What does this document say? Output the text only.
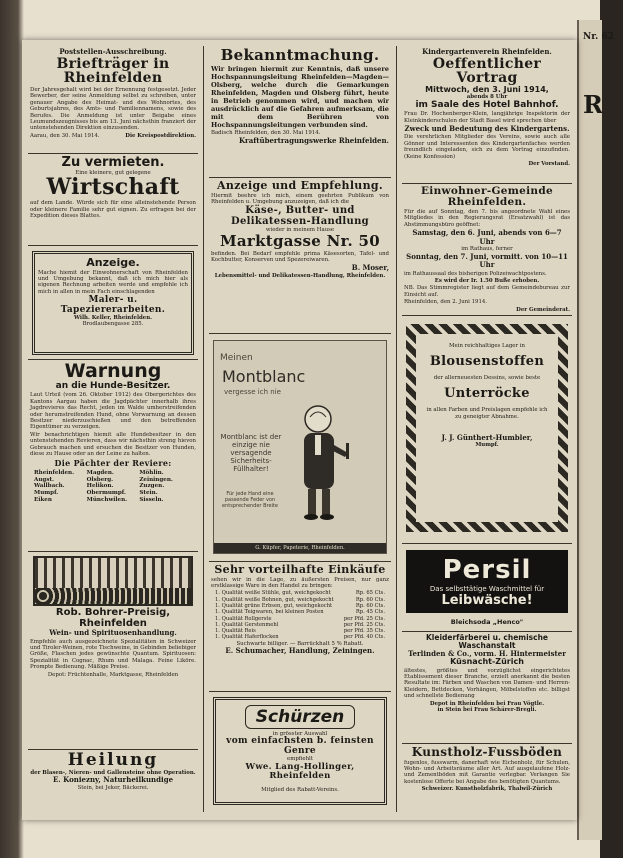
Nr. 62
R
Poststellen-Ausschreibung.
Briefträger in Rheinfelden

Der Jahresgehalt wird bei der Ernennung festgesetzt. Jeder Bewerber, der seine Anmeldung selbst zu schreiben, unter genauer Angabe des Heimat- und des Wohnortes, des Geburtsjahres, des Amts- und Familiennamens, sowie des Berufes. Die Anmeldung ist unter Beigabe eines Leumundszeugnisses bis am 13. Juni nächsthin franziert der untenstehenden Direktion einzusenden.

Aarau, den 30. Mai 1914.	Die Kreispostdirektion.

Zu vermieten.
Eine kleinere, gut gelegene
Wirtschaft

auf dem Lande. Würde sich für eine alleinstehende Person oder kleinere Familie sehr gut eignen. Zu erfragen bei der Expedition dieses Blattes.

Anzeige.

Mache hiemit der Einwohnerschaft von Rheinfelden und Umgebung bekannt, daß ich mich hier als eigenen Rechnung arbeiten werde und empfehle ich mich in allen in mein Fach einschlagenden

Maler- u. Tapeziererarbeiten.
Wilh. Keller, Rheinfelden.
Brodlaubengasse 285.
Warnung
an die Hunde-Besitzer.

Laut Urteil (vom 26. Oktober 1912) des Obergerichtes des Kantons Aargau haben die Jagdpächter innerhalb ihres Jagdrevieres das Recht, jeden im Walde umherstreifenden oder herumstreifenden Hund, ohne Vorwarnung an dessen Besitzer niederzuschießen und den betreffenden Eigentümer zu verzeigen.

Wir benachrichtigen hiemit alle Hundebesitzer in den untenstehenden Revieren, dass wir nächsthin streng hievon Gebrauch machen und ersuchen die Besitzer von Hunden, diese zu Hause oder an der Leine zu halten.

Die Pächter der Reviere:
Rheinfelden.	Magden.	Möhlin.
Augst.	Olsberg.	Zeiningen.
Wallbach.	Helikon.	Zuzgen.
Mumpf.	Obermumpf.	Stein.
Eiken	Münchwilen.	Sisseln.
Rob. Bohrer-Preisig, Rheinfelden
Wein- und Spirituosenhandlung.

Empfehle auch ausgezeichnete Spezialitäten in Schweizer und Tiroler-Weinen, rote Tischweine, in Gebinden beliebiger Größe, Flaschen jedes gewünschte Quantum. Spirituosen: Spezialität in Cognac, Rhum und Malaga. Feine Liköre. Prompte Bedienung. Mäßige Preise.

Depot: Früchtenhalle, Marktgasse, Rheinfelden

Heilung
der Blasen-, Nieren- und Gallensteine ohne Operation.
E. Koniezny, Naturheilkundige
Stein, bei Jeker, Bäckerei.
Bekanntmachung.

Wir bringen hiermit zur Kenntnis, daß unsere Hochspannungsleitung Rheinfelden—Magden—Olsberg, welche durch die Gemarkungen Rheinfelden, Magden und Olsberg führt, heute in Betrieb genommen wird, und machen wir ausdrücklich auf die Gefahren aufmerksam, die mit dem Berühren von Hochspannungsleitungen verbunden sind.

Badisch Rheinfelden, den 30. Mai 1914.

Kraftübertragungswerke Rheinfelden.
Anzeige und Empfehlung.

Hiermit beehre ich mich, einem geehrten Publikum von Rheinfelden u. Umgebung anzuzeigen, daß ich die

Käse-, Butter- und Delikatessen-Handlung
wieder in meinem Hause
Marktgasse Nr. 50

befinden. Bei Bedarf empfehle prima Käsesorten, Tafel- und Kochbutter, Konserven und Spezereiwaren.

B. Moser,
Lebensmittel- und Delikatessen-Handlung, Rheinfelden.
Meinen
Montblanc
vergesse ich nie
Montblanc ist der einzige nie versagende Sicherheits-Füllhalter!
Für jede Hand eine passende Feder von entsprechender Breite
G. Küpfer, Papeterie, Rheinfelden.
Sehr vorteilhafte Einkäufe

sehen wir in die Lage, zu äußersten Preisen, nur ganz erstklassige Ware in den Handel zu bringen:

1. Qualität weiße Stühle, gut, weichgekocht	Rp. 65 Cts.
1. Qualität weiße Bohnen, gut, weichgekocht	Rp. 60 Cts.
1. Qualität grüne Erbsen, gut, weichgekocht	Rp. 60 Cts.
1. Qualität Teigwaren, bei kleinen Posten	Rp. 45 Cts.
1. Qualität Rollgerste	per Pfd. 25 Cts.
1. Qualität Gerstenmehl	per Pfd. 25 Cts.
1. Qualität Reis	per Pfd. 35 Cts.
1. Qualität Haferflocken	per Pfd. 40 Cts.
Suchwarte billiger. — Barrückhalt 5 % Rabatt.
E. Schumacher, Handlung, Zeiningen.
Schürzen
in grösster Auswahl
vom einfachsten b. feinsten Genre
empfiehlt
Wwe. Lang-Hollinger, Rheinfelden
Mitglied des Rabatt-Vereins.
Kindergartenverein Rheinfelden.
Oeffentlicher Vortrag
Mittwoch, den 3. Juni 1914,
abends 8 Uhr
im Saale des Hotel Bahnhof.

Frau Dr. Hochenberger-Klein, langjährige Inspektorin der Kleinkinderschulen der Stadt Basel wird sprechen über

Zweck und Bedeutung des Kindergartens.

Die verehrlichen Mitglieder des Vereins, sowie auch alle Gönner und Interessenten des Kindergartenfaches werden freundlich eingeladen, sich zu dem Vortrag einzufinden. (Keine Konfession)

Der Vorstand.
Einwohner-Gemeinde Rheinfelden.

Für die auf Sonntag, den 7. bis angeordnete Wahl eines Mitgliedes in den Regierungsrat (Ersatzwahl) ist das Abstimmungsbüro geöffnet:

Samstag, den 6. Juni, abends von 6—7 Uhr
im Rathaus, ferner
Sonntag, den 7. Juni, vormitt. von 10—11 Uhr

im Rathaussaal des bisherigen Polizeiwachtpostens.

Es wird der Ir. 1.50 Buße erhoben.

NB. Das Stimmregister liegt auf dem Gemeindebureau zur Einsicht auf.

Rheinfelden, den 2. Juni 1914.

Der Gemeinderat.

Mein reichhaltiges Lager in

Blousenstoffen

der allerneuesten Dessins, sowie beste

Unterröcke

in allen Farben und Preislagen empfehle ich zu geneigter Abnahme.

J. J. Günthert-Humbler,
Mumpf.
Persil
Das selbsttätige Waschmittel für
Leibwäsche!
Bleichsoda „Henco"
Kleiderfärberei u. chemische Waschanstalt
Terlinden & Co., vorm. H. Hintermeister
Küsnacht-Zürich

ältestes, größtes und vorzüglichst eingerichtetes Etablissement dieser Branche, erzielt anerkannt die besten Resultate im: Färben und Waschen von Damen- und Herren-Kleidern, Bettdecken, Vorhängen, Möbelstoffen etc. billigst und schnellste Bedienung

Depot in Rheinfelden bei Frau Vögtle.
in Stein bei Frau Schärer-Bregli.
Kunstholz-Fussböden

fugenlos, fusswarm, danerhaft wie Eichenholz, für Schulen, Wohn- und Arbeitsräume aller Art. Auf ausgelaufene Holz- und Zementböden mit Garantie verlegbar. Verlangen Sie kostenlose Offerte bei Angabe des benötigten Quantums.

Schweizer. Kunstholzfabrik, Thalwil-Zürich
